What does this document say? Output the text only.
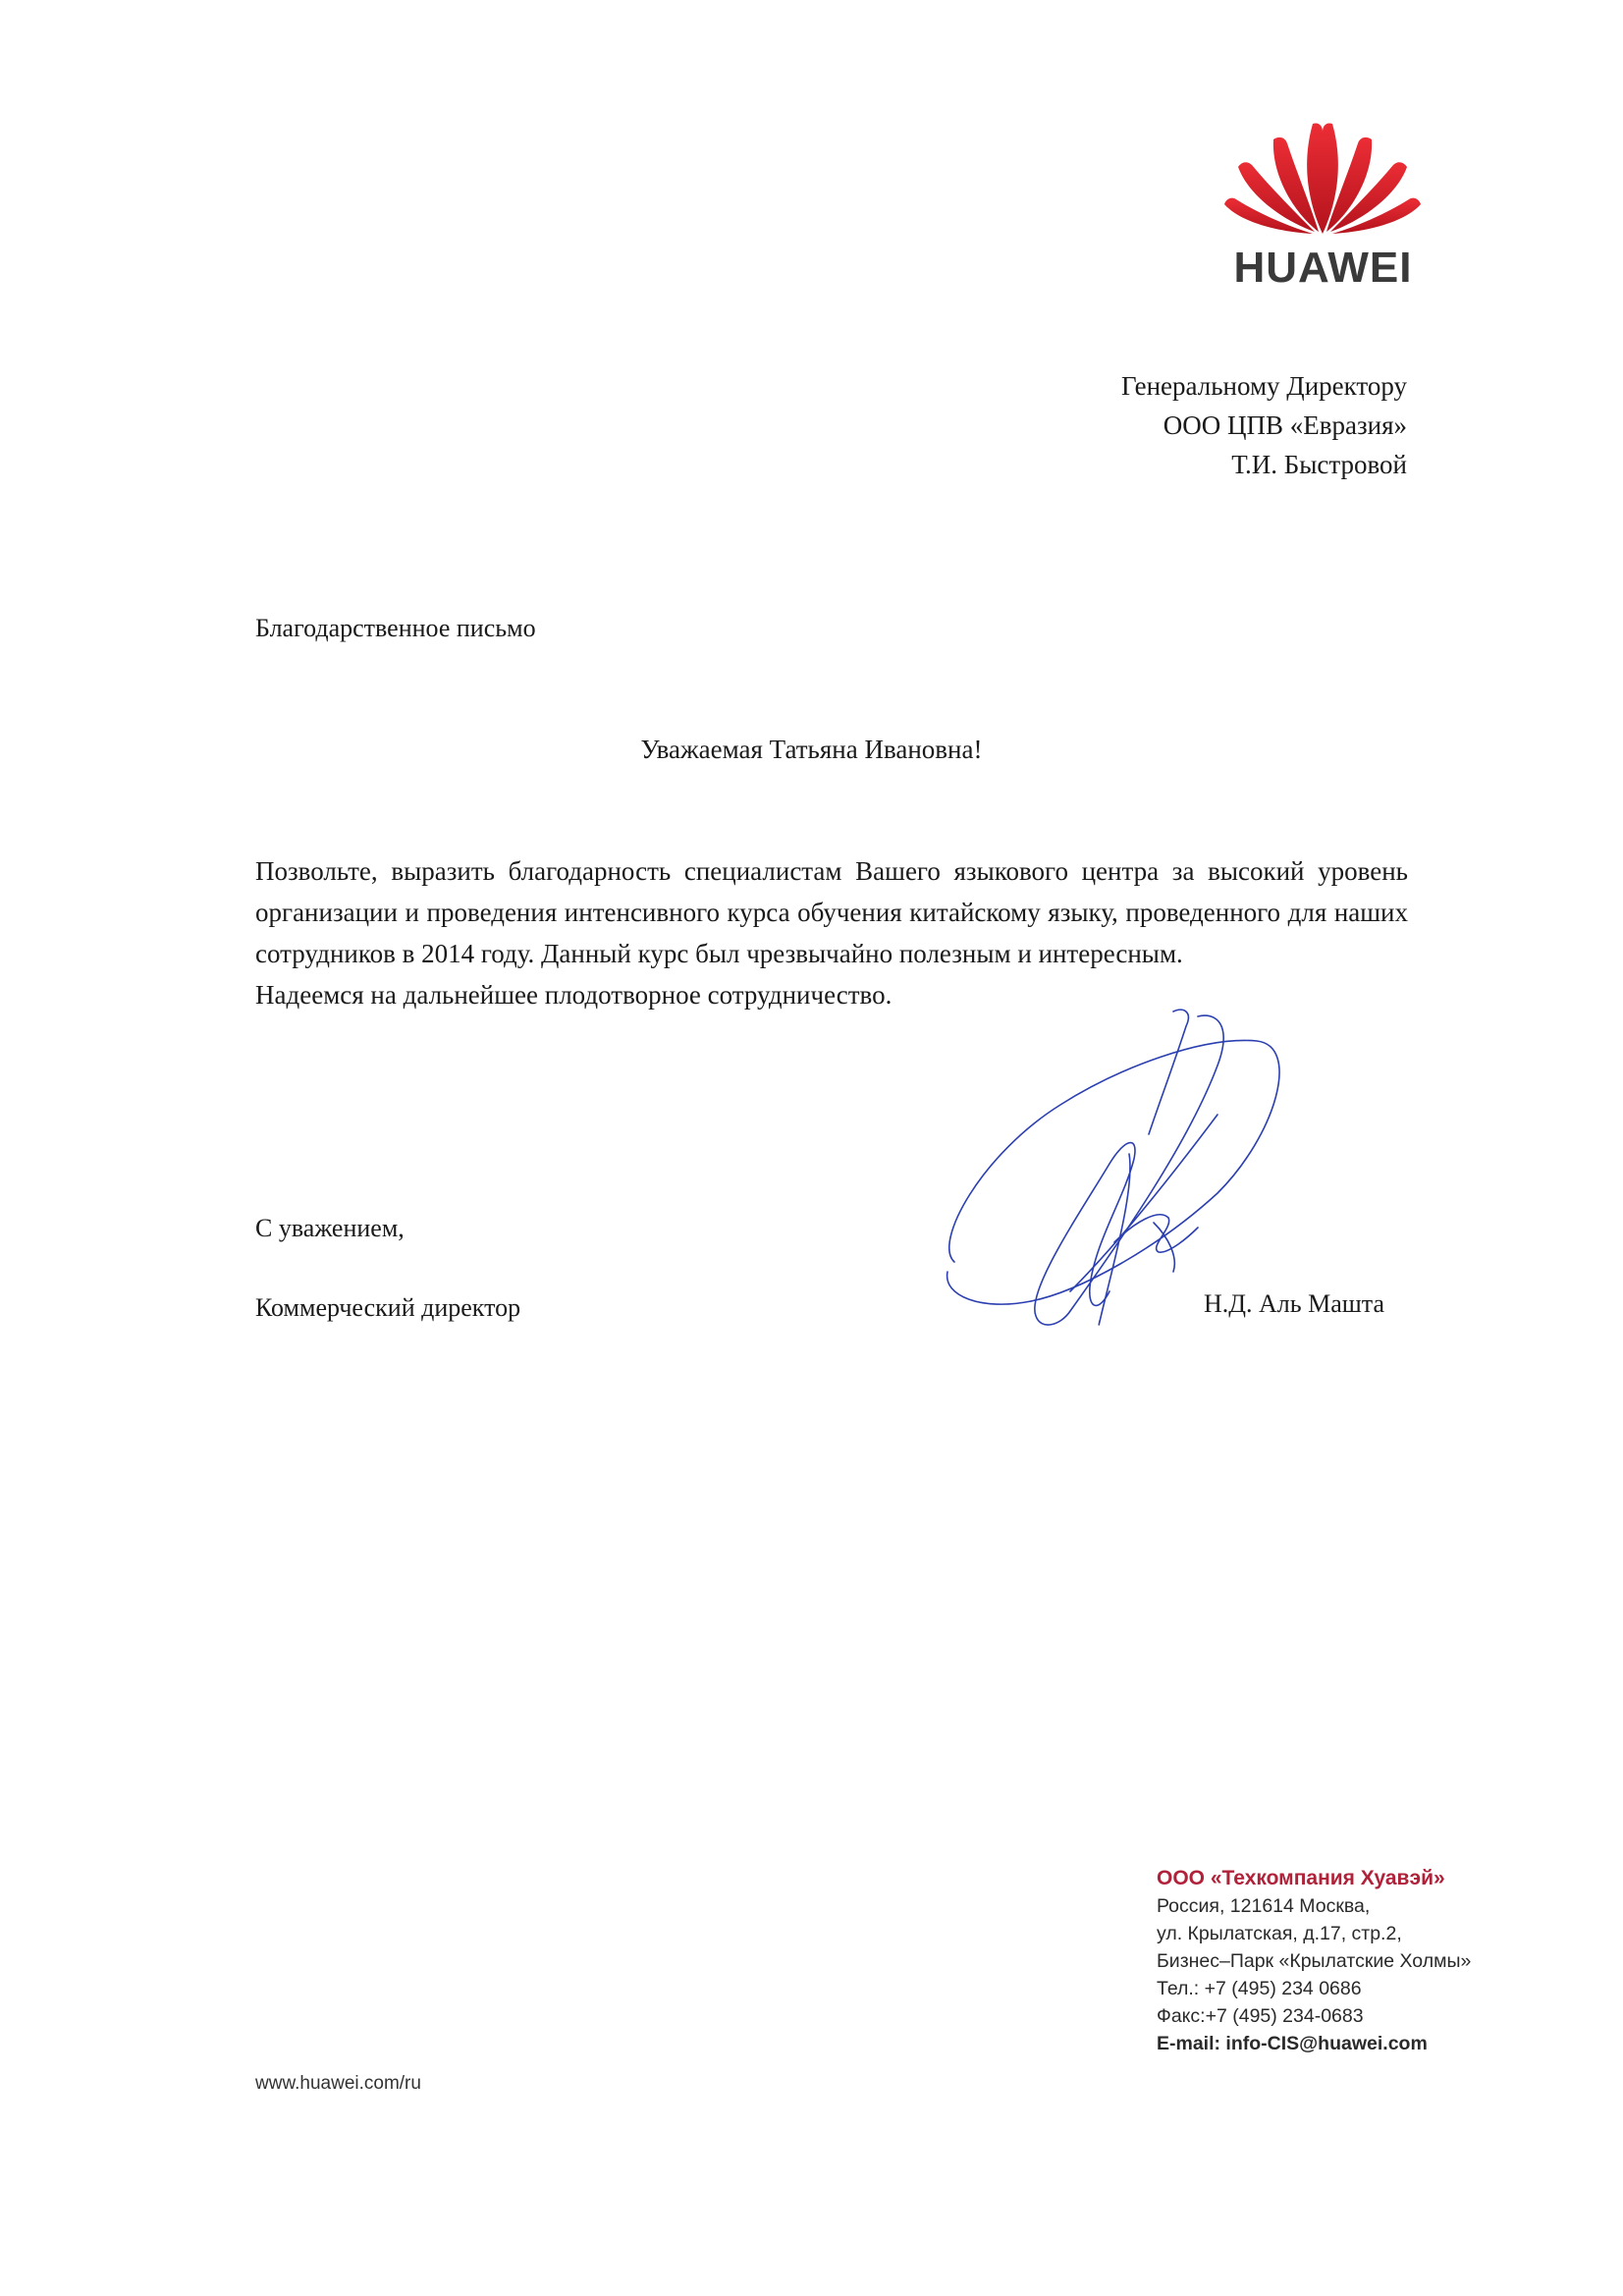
HUAWEI
Генеральному Директору
ООО ЦПВ «Евразия»
Т.И. Быстровой
Благодарственное письмо
Уважаемая Татьяна Ивановна!
Позвольте, выразить благодарность специалистам Вашего языкового центра за высокий уровень организации и проведения интенсивного курса обучения китайскому языку, проведенного для наших сотрудников в 2014 году. Данный курс был чрезвычайно полезным и интересным.
Надеемся на дальнейшее плодотворное сотрудничество.
С уважением,
Коммерческий директор	Н.Д. Аль Машта
ООО «Техкомпания Хуавэй»
Россия, 121614 Москва,
ул. Крылатская, д.17, стр.2,
Бизнес–Парк «Крылатские Холмы»
Тел.: +7 (495) 234 0686
Факс:+7 (495) 234-0683
E-mail: info-CIS@huawei.com
www.huawei.com/ru
